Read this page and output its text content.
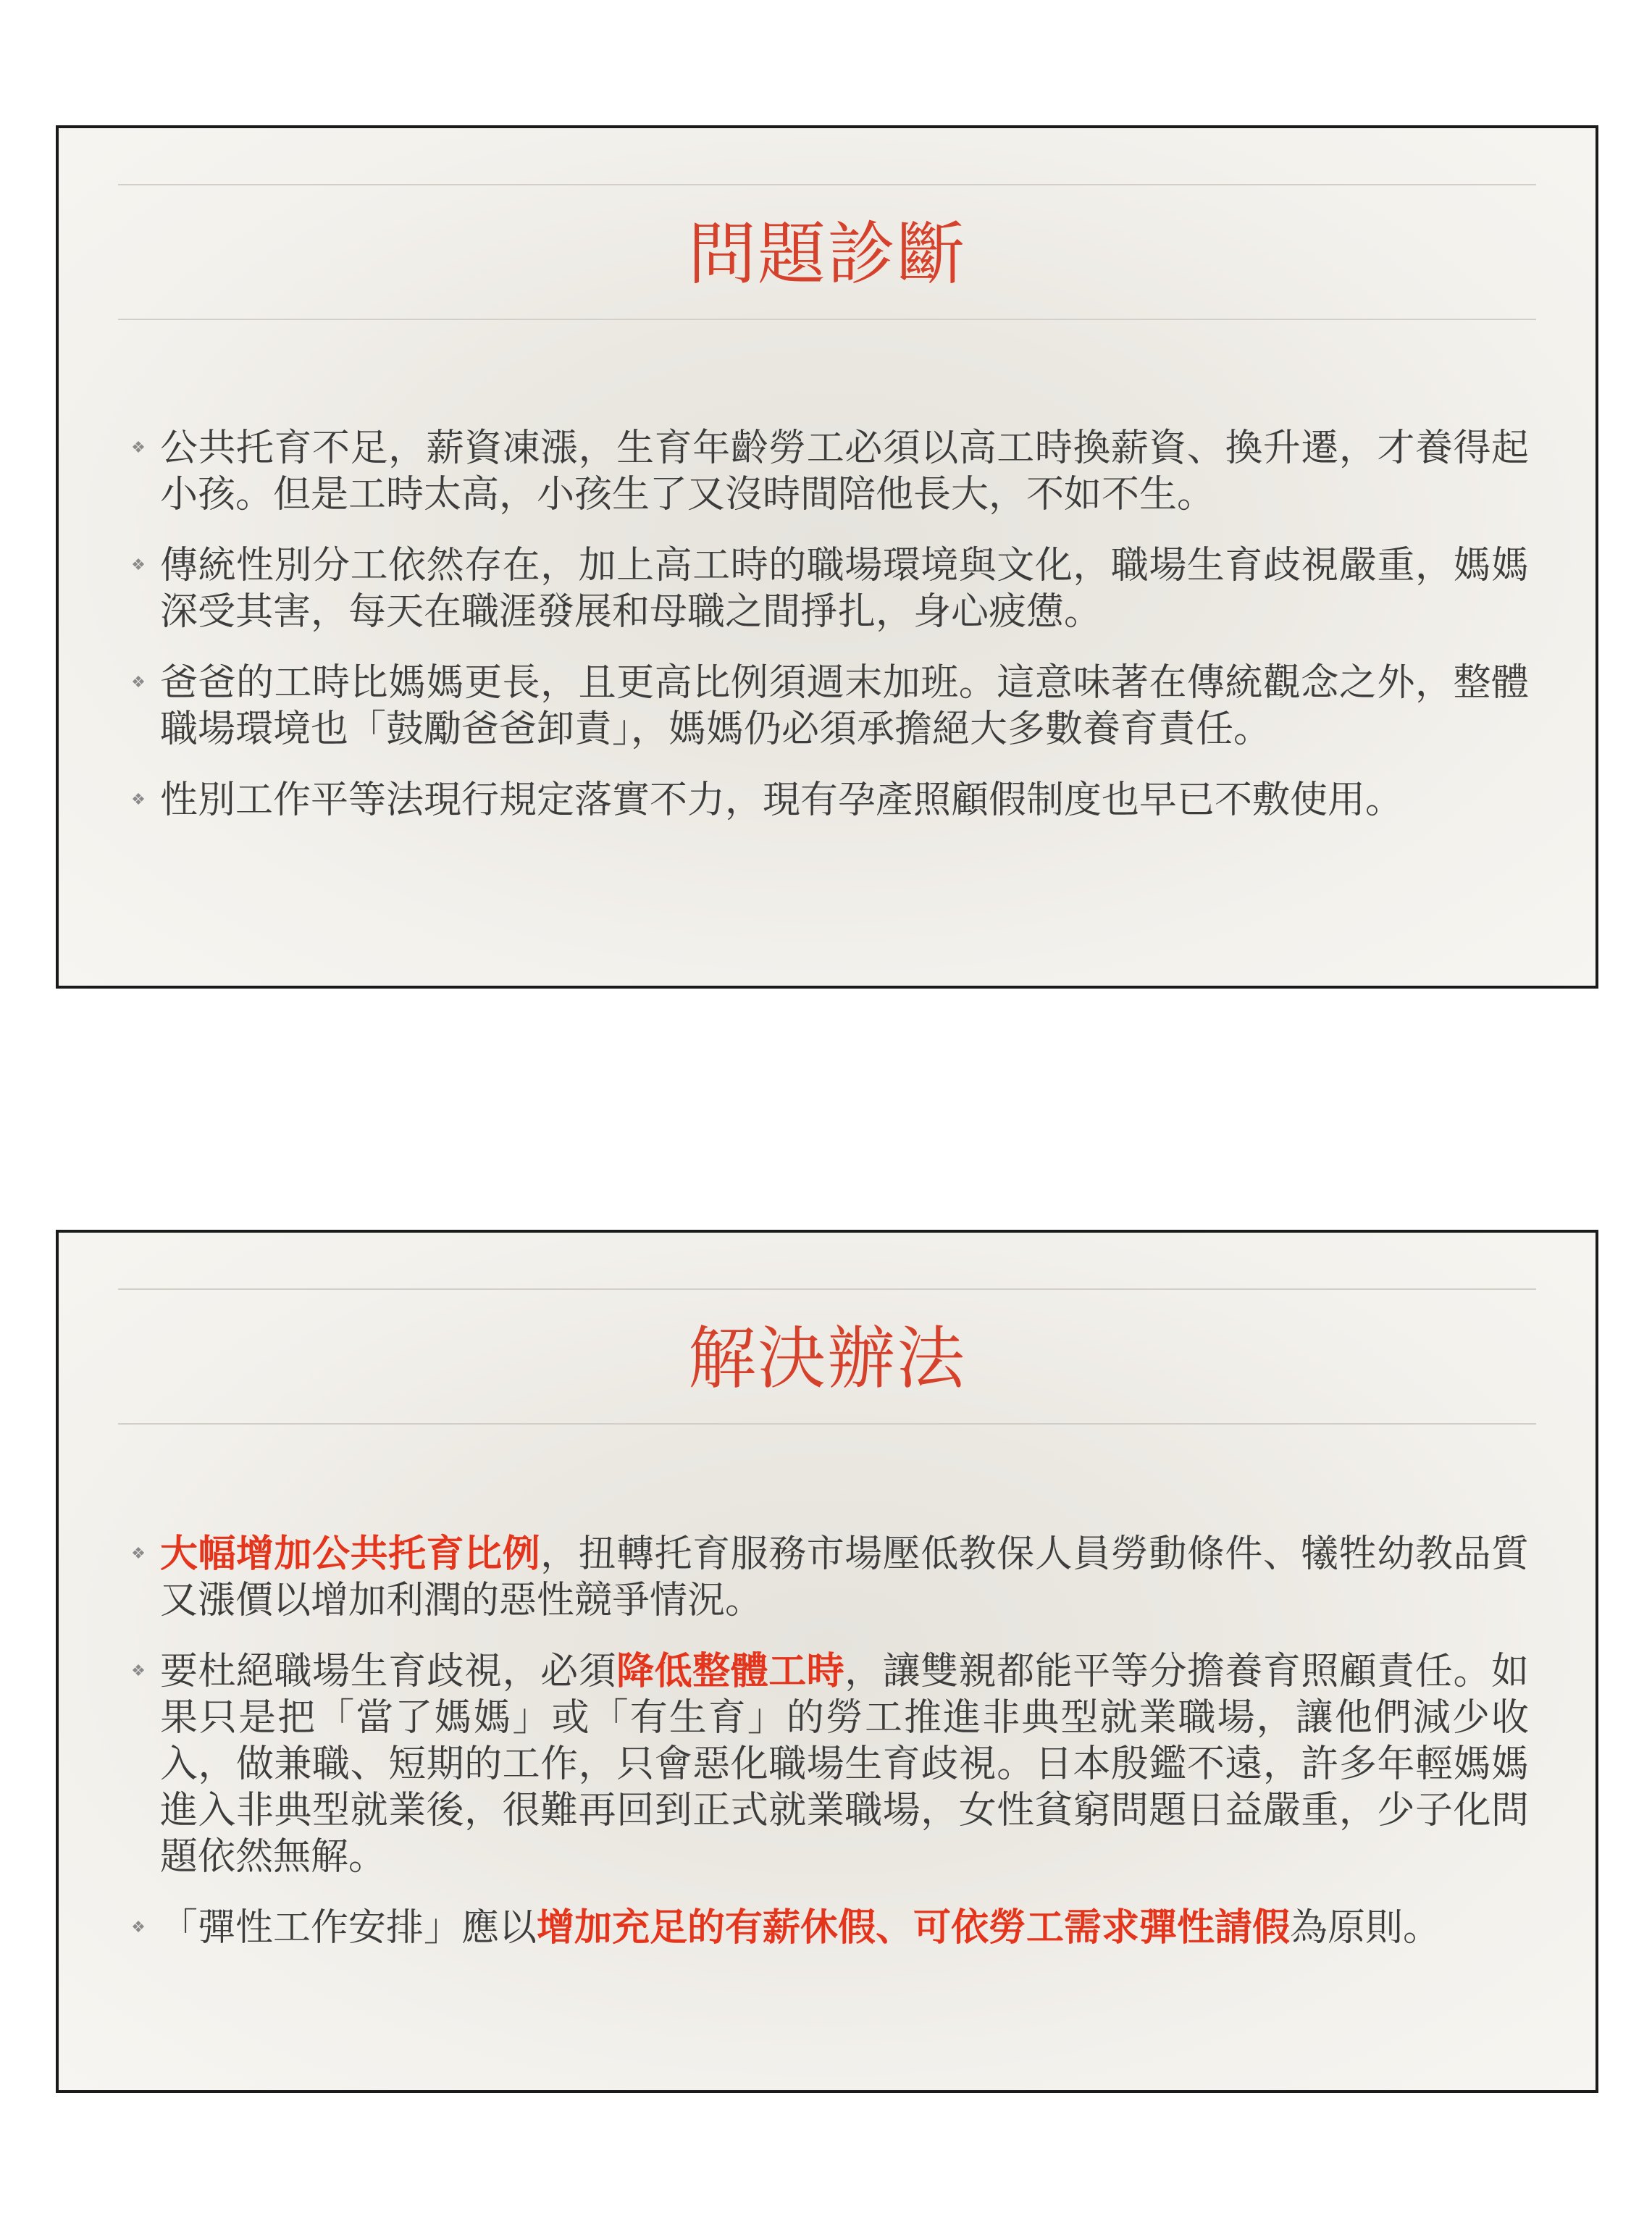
問題診斷
❖ 公共托育不足，薪資凍漲，生育年齡勞工必須以高工時換薪資、換升遷，才養得起小孩。但是工時太高，小孩生了又沒時間陪他長大，不如不生。
❖ 傳統性別分工依然存在，加上高工時的職場環境與文化，職場生育歧視嚴重，媽媽深受其害，每天在職涯發展和母職之間掙扎，身心疲憊。
❖ 爸爸的工時比媽媽更長，且更高比例須週末加班。這意味著在傳統觀念之外，整體職場環境也「鼓勵爸爸卸責」，媽媽仍必須承擔絕大多數養育責任。
❖ 性別工作平等法現行規定落實不力，現有孕產照顧假制度也早已不敷使用。
解決辦法
❖ 大幅增加公共托育比例，扭轉托育服務市場壓低教保人員勞動條件、犧牲幼教品質又漲價以增加利潤的惡性競爭情況。
❖ 要杜絕職場生育歧視，必須降低整體工時，讓雙親都能平等分擔養育照顧責任。如果只是把「當了媽媽」或「有生育」的勞工推進非典型就業職場，讓他們減少收入，做兼職、短期的工作，只會惡化職場生育歧視。日本殷鑑不遠，許多年輕媽媽進入非典型就業後，很難再回到正式就業職場，女性貧窮問題日益嚴重，少子化問題依然無解。
❖ 「彈性工作安排」應以增加充足的有薪休假、可依勞工需求彈性請假為原則。
